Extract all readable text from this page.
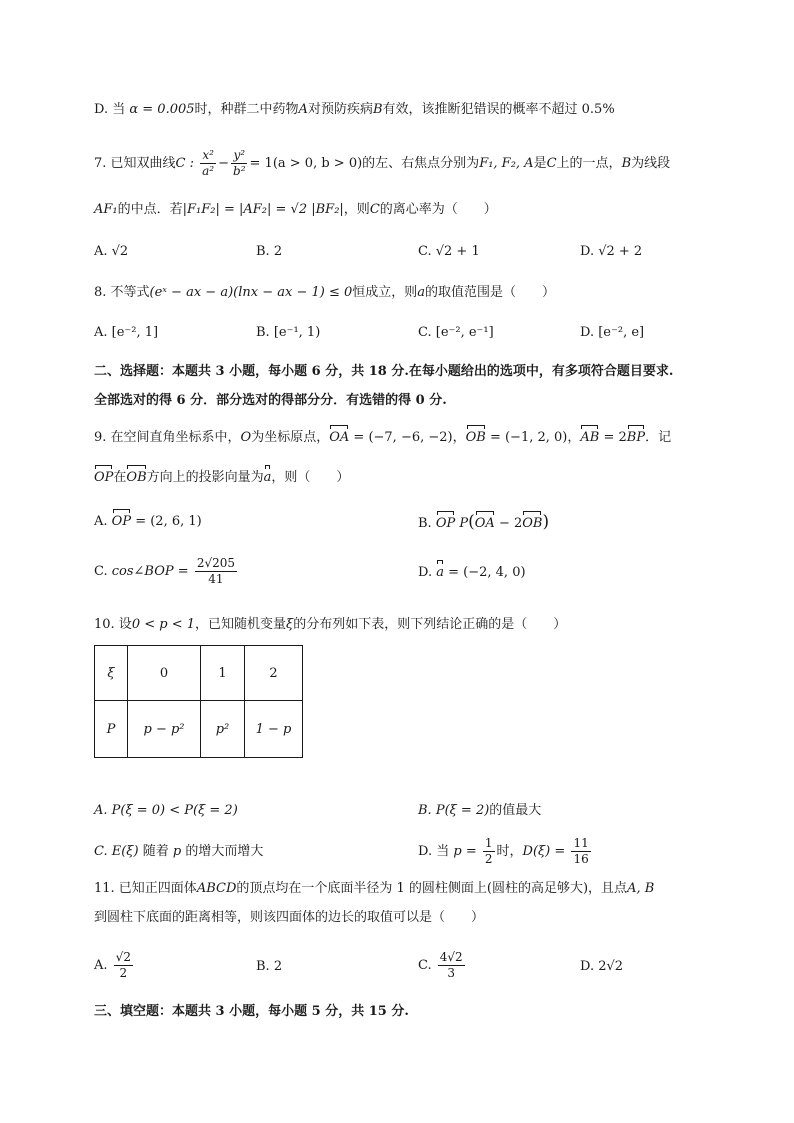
D. 当 α = 0.005时，种群二中药物A对预防疾病B有效，该推断犯错误的概率不超过 0.5%
7. 已知双曲线C : $\frac{\text{x²}}{\text{a²}} - \frac{\text{y²}}{\text{b²}} = 1(a > 0$, b > 0)的左、右焦点分别为F₁, F₂, A是C上的一点，B为线段
AF₁的中点．若|F₁F₂| = |AF₂| = √2 |BF₂|，则C的离心率为（　　）
A. √2	B. 2	C. √2 + 1	D. √2 + 2
8. 不等式(eˣ − ax − a)(lnx − ax − 1) ≤ 0恒成立，则a的取值范围是（　　）
A. [e⁻², 1]	B. [e⁻¹, 1)	C. [e⁻², e⁻¹]	D. [e⁻², e]
二、选择题：本题共 3 小题，每小题 6 分，共 18 分.在每小题给出的选项中，有多项符合题目要求.
全部选对的得 6 分．部分选对的得部分分．有选错的得 0 分.
9. 在空间直角坐标系中，O为坐标原点，OA = (−7, −6, −2)，OB = (−1, 2, 0)，AB = 2BP．记
OP在OB方向上的投影向量为a，则（　　）
A. OP = (2, 6, 1)	B. OP P(OA − 2OB)
C. cos∠BOP = $\frac{2√205}{41}$	D. a = (−2, 4, 0)
10. 设0 < p < 1，已知随机变量ξ的分布列如下表，则下列结论正确的是（　　）
ξ	0	1	2
P	p − p²	p²	1 − p
A. P(ξ = 0) < P(ξ = 2)	B. P(ξ = 2)的值最大
C. E(ξ) 随着 p 的增大而增大	D. 当 $p = \frac{1}{2}$ 时，$D(\xi) = \frac{11}{16}$
11. 已知正四面体ABCD的顶点均在一个底面半径为 1 的圆柱侧面上(圆柱的高足够大)，且点A, B
到圆柱下底面的距离相等，则该四面体的边长的取值可以是（　　）
A. $\frac{√2}{2}$	B. 2	C. $\frac{4√2}{3}$	D. 2√2
三、填空题：本题共 3 小题，每小题 5 分，共 15 分.
